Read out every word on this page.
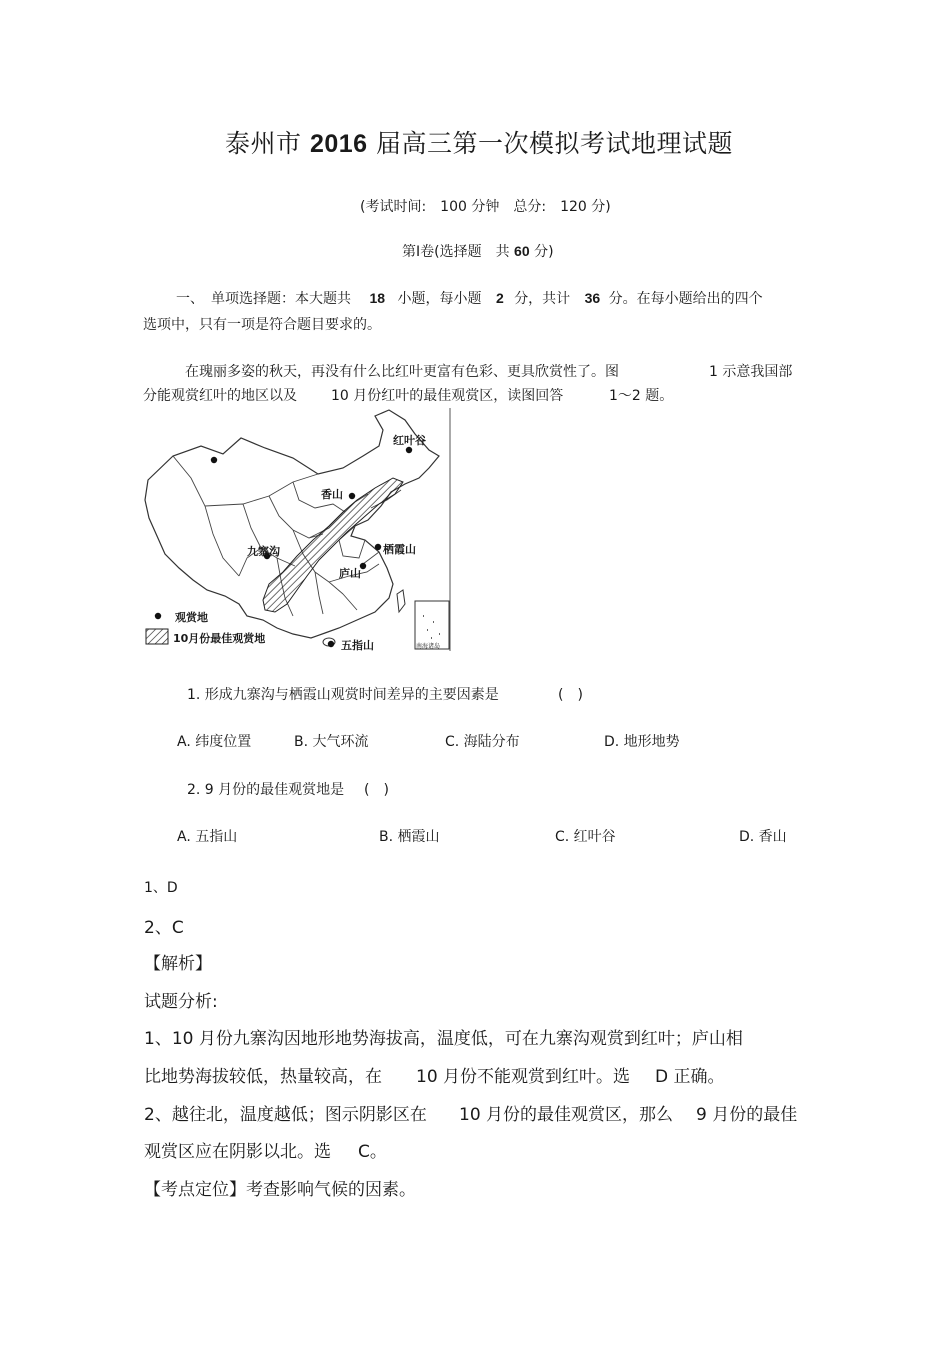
泰州市 2016 届高三第一次模拟考试地理试题
(考试时间:　100 分钟　总分:　120 分)
第Ⅰ卷(选择题　共 60 分)
一、　单项选择题：本大题共 18 小题，每小题 2 分，共计 36 分。在每小题给出的四个
选项中，只有一项是符合题目要求的。
在瑰丽多姿的秋天，再没有什么比红叶更富有色彩、更具欣赏性了。图	1 示意我国部
分能观赏红叶的地区以及 10 月份红叶的最佳观赏区，读图回答	1～2 题。
红叶谷
香山
九寨沟	栖霞山
庐山
五指山	南海诸岛
观赏地
10月份最佳观赏地
1. 形成九寨沟与栖霞山观赏时间差异的主要因素是	(　)
A. 纬度位置	B. 大气环流	C. 海陆分布	D. 地形地势
2. 9 月份的最佳观赏地是 (　)
A. 五指山	B. 栖霞山	C. 红叶谷	D. 香山
1、D
2、C
【解析】
试题分析:
1、10 月份九寨沟因地形地势海拔高，温度低，可在九寨沟观赏到红叶；庐山相
比地势海拔较低，热量较高，在 10 月份不能观赏到红叶。选 D 正确。
2、越往北，温度越低；图示阴影区在 10 月份的最佳观赏区，那么 9 月份的最佳
观赏区应在阴影以北。选 C。
【考点定位】考查影响气候的因素。
